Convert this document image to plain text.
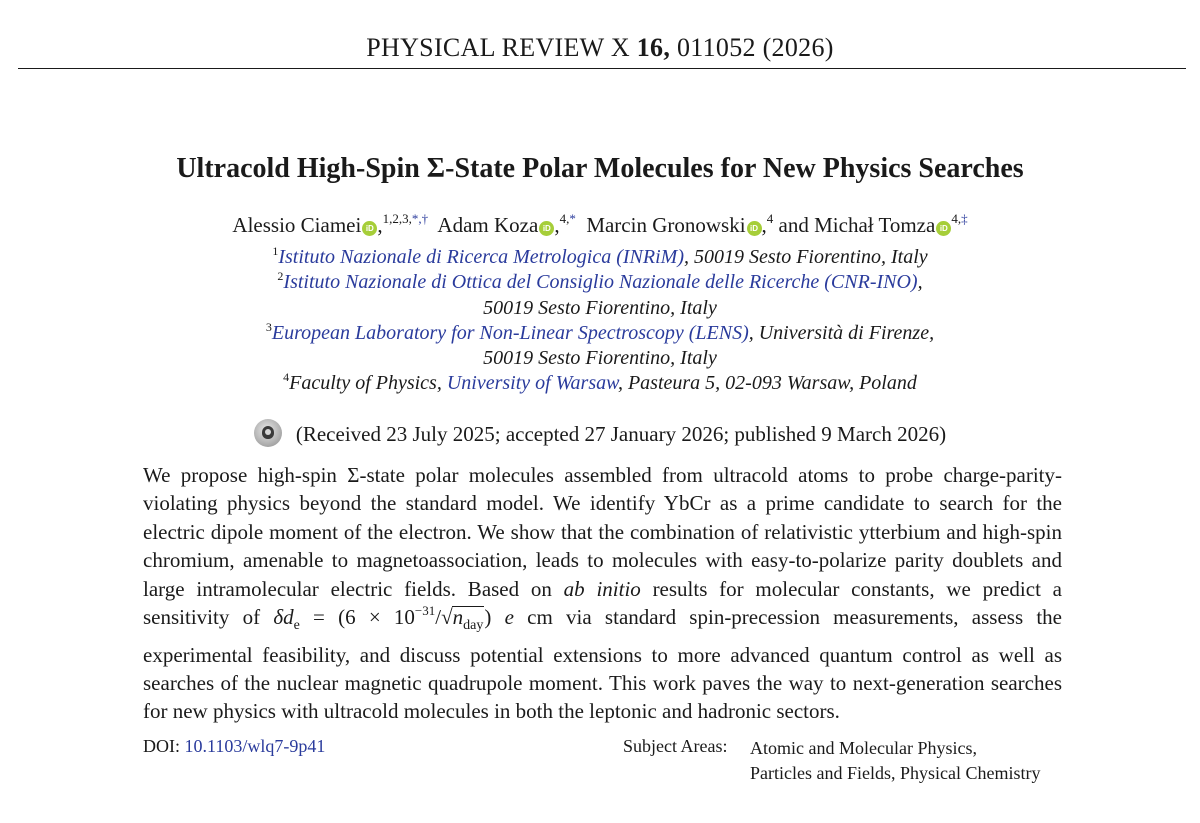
PHYSICAL REVIEW X 16, 011052 (2026)
Ultracold High-Spin Σ-State Polar Molecules for New Physics Searches
Alessio Ciamei iD ,$^{1,2,3,*,\dagger}$ Adam Koza iD ,$^{4,*}$ Marcin Gronowski iD ,$^4$ and Michał Tomza $iD^{4,\ddagger}$
$^1$Istituto Nazionale di Ricerca Metrologica (INRiM), 50019 Sesto Fiorentino, Italy
$^2$Istituto Nazionale di Ottica del Consiglio Nazionale delle Ricerche (CNR-INO),
50019 Sesto Fiorentino, Italy
$^3$European Laboratory for Non-Linear Spectroscopy (LENS), Università di Firenze,
50019 Sesto Fiorentino, Italy
$^4$Faculty of Physics, University of Warsaw, Pasteura 5, 02-093 Warsaw, Poland
(Received 23 July 2025; accepted 27 January 2026; published 9 March 2026)
We propose high-spin Σ-state polar molecules assembled from ultracold atoms to probe charge-parity-violating physics beyond the standard model. We identify YbCr as a prime candidate to search for the electric dipole moment of the electron. We show that the combination of relativistic ytterbium and high-spin chromium, amenable to magnetoassociation, leads to molecules with easy-to-polarize parity doublets and large intramolecular electric fields. Based on ab initio results for molecular constants, we predict a sensitivity of $\delta d_e = (6 \times 10^{-31}/√n_{day})$ e cm via standard spin-precession measurements, assess the experimental feasibility, and discuss potential extensions to more advanced quantum control as well as searches of the nuclear magnetic quadrupole moment. This work paves the way to next-generation searches for new physics with ultracold molecules in both the leptonic and hadronic sectors.
DOI: 10.1103/wlq7-9p41	Subject Areas: Atomic and Molecular Physics,
Particles and Fields, Physical Chemistry
